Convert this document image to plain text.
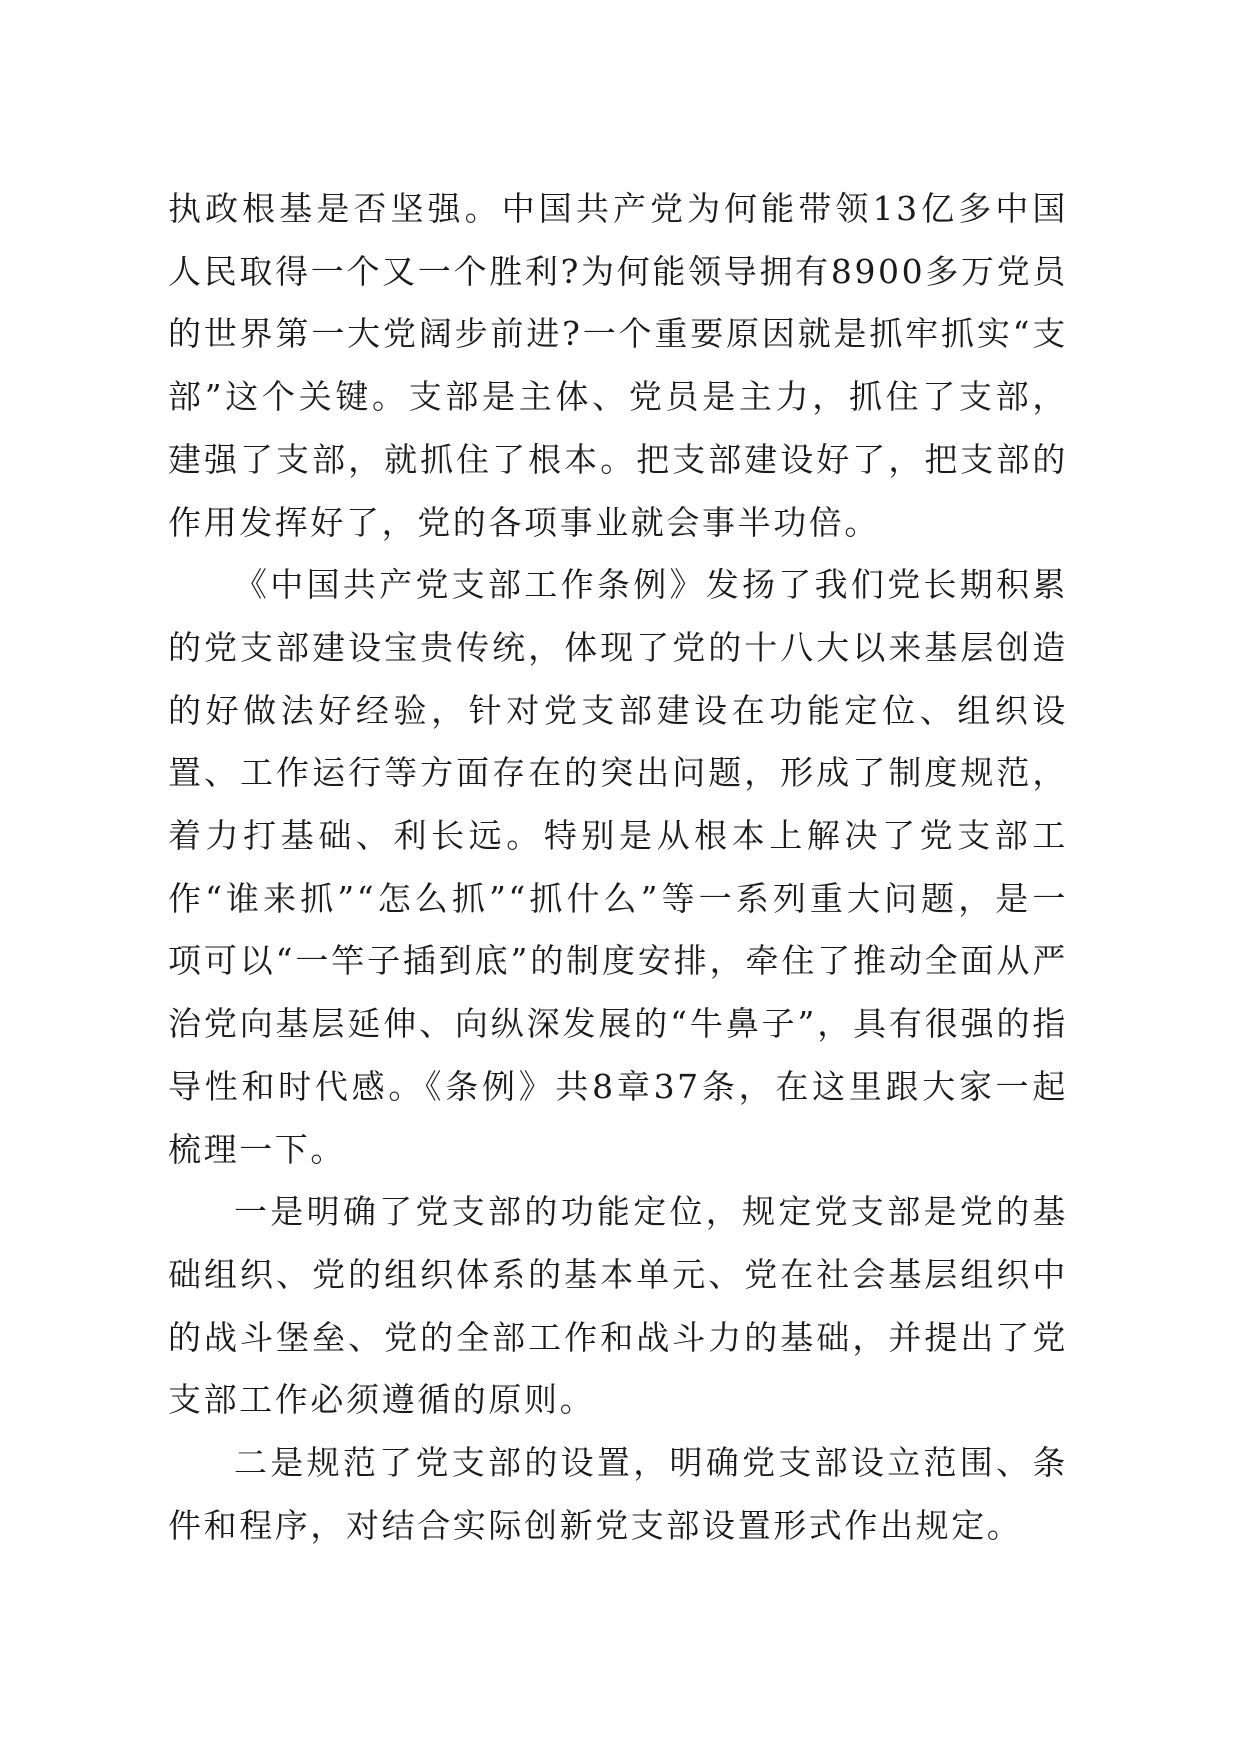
执政根基是否坚强。中国共产党为何能带领13亿多中国人民取得一个又一个胜利?为何能领导拥有8900多万党员的世界第一大党阔步前进?一个重要原因就是抓牢抓实“支部”这个关键。支部是主体、党员是主力，抓住了支部，建强了支部，就抓住了根本。把支部建设好了，把支部的作用发挥好了，党的各项事业就会事半功倍。

《中国共产党支部工作条例》发扬了我们党长期积累的党支部建设宝贵传统，体现了党的十八大以来基层创造的好做法好经验，针对党支部建设在功能定位、组织设置、工作运行等方面存在的突出问题，形成了制度规范，着力打基础、利长远。特别是从根本上解决了党支部工作“谁来抓”“怎么抓”“抓什么”等一系列重大问题，是一项可以“一竿子插到底”的制度安排，牵住了推动全面从严治党向基层延伸、向纵深发展的“牛鼻子”，具有很强的指导性和时代感。《条例》共8章37条，在这里跟大家一起梳理一下。

一是明确了党支部的功能定位，规定党支部是党的基础组织、党的组织体系的基本单元、党在社会基层组织中的战斗堡垒、党的全部工作和战斗力的基础，并提出了党支部工作必须遵循的原则。

二是规范了党支部的设置，明确党支部设立范围、条件和程序，对结合实际创新党支部设置形式作出规定。
